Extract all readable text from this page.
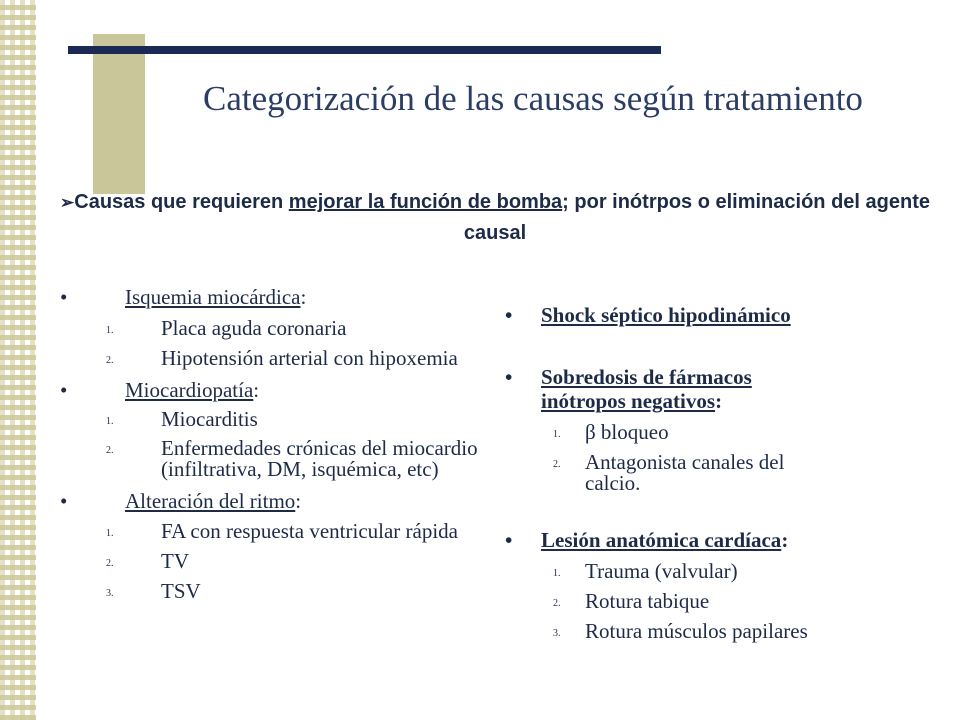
Categorización de las causas según tratamiento
➢Causas que requieren mejorar la función de bomba; por inótrpos o eliminación del agente causal
•	Isquemia miocárdica:
1. Placa aguda coronaria
2. Hipotensión arterial con hipoxemia
•	Miocardiopatía:
1. Miocarditis
2. Enfermedades crónicas del miocardio (infiltrativa, DM, isquémica, etc)
•	Alteración del ritmo:
1. FA con respuesta ventricular rápida
2. TV
3. TSV
•	Shock séptico hipodinámico
•	Sobredosis de fármacos inótropos negativos:
1. β bloqueo
2. Antagonista canales del calcio.
•	Lesión anatómica cardíaca:
1. Trauma (valvular)
2. Rotura tabique
3. Rotura músculos papilares
